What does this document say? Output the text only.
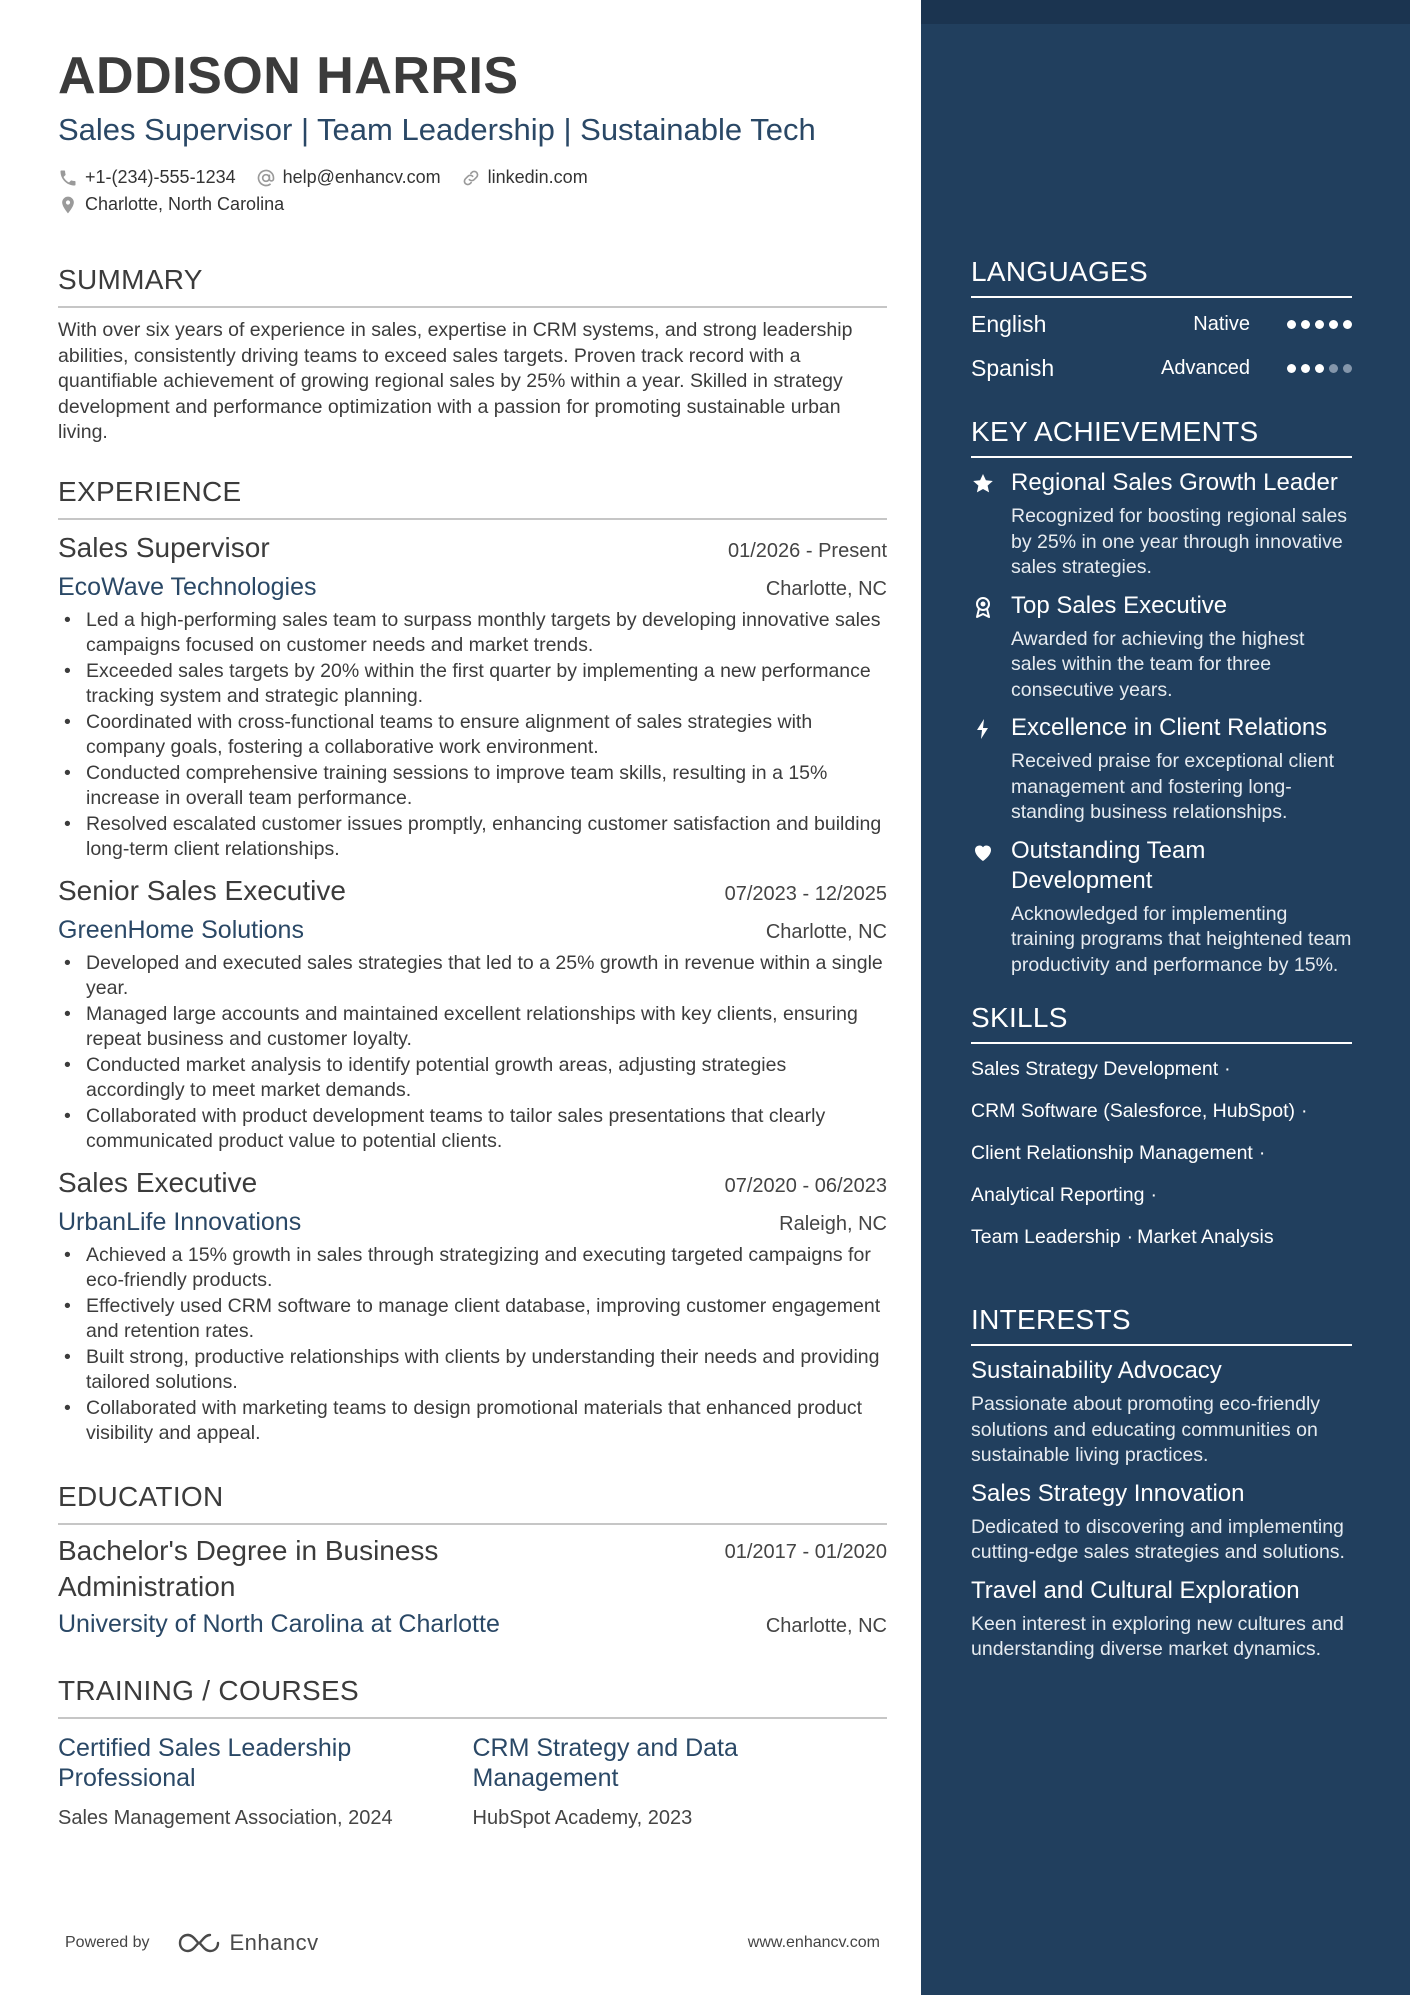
ADDISON HARRIS
Sales Supervisor | Team Leadership | Sustainable Tech
+1-(234)-555-1234	help@enhancv.com	linkedin.com
Charlotte, North Carolina
SUMMARY

With over six years of experience in sales, expertise in CRM systems, and strong leadership abilities, consistently driving teams to exceed sales targets. Proven track record with a quantifiable achievement of growing regional sales by 25% within a year. Skilled in strategy development and performance optimization with a passion for promoting sustainable urban living.

EXPERIENCE
Sales Supervisor	01/2026 - Present
EcoWave Technologies	Charlotte, NC
• Led a high-performing sales team to surpass monthly targets by developing innovative sales campaigns focused on customer needs and market trends.
• Exceeded sales targets by 20% within the first quarter by implementing a new performance tracking system and strategic planning.
• Coordinated with cross-functional teams to ensure alignment of sales strategies with company goals, fostering a collaborative work environment.
• Conducted comprehensive training sessions to improve team skills, resulting in a 15% increase in overall team performance.
• Resolved escalated customer issues promptly, enhancing customer satisfaction and building long-term client relationships.
Senior Sales Executive	07/2023 - 12/2025
GreenHome Solutions	Charlotte, NC
• Developed and executed sales strategies that led to a 25% growth in revenue within a single year.
• Managed large accounts and maintained excellent relationships with key clients, ensuring repeat business and customer loyalty.
• Conducted market analysis to identify potential growth areas, adjusting strategies accordingly to meet market demands.
• Collaborated with product development teams to tailor sales presentations that clearly communicated product value to potential clients.
Sales Executive	07/2020 - 06/2023
UrbanLife Innovations	Raleigh, NC
• Achieved a 15% growth in sales through strategizing and executing targeted campaigns for eco-friendly products.
• Effectively used CRM software to manage client database, improving customer engagement and retention rates.
• Built strong, productive relationships with clients by understanding their needs and providing tailored solutions.
• Collaborated with marketing teams to design promotional materials that enhanced product visibility and appeal.
EDUCATION
Bachelor's Degree in Business Administration
01/2017 - 01/2020
University of North Carolina at Charlotte	Charlotte, NC
TRAINING / COURSES
Certified Sales Leadership Professional
Sales Management Association, 2024
CRM Strategy and Data Management
HubSpot Academy, 2023
Powered by	Enhancv	www.enhancv.com
LANGUAGES
English	Native
Spanish	Advanced
KEY ACHIEVEMENTS
Regional Sales Growth Leader
Recognized for boosting regional sales by 25% in one year through innovative sales strategies.
Top Sales Executive
Awarded for achieving the highest sales within the team for three consecutive years.
Excellence in Client Relations
Received praise for exceptional client management and fostering long-standing business relationships.
Outstanding Team Development
Acknowledged for implementing training programs that heightened team productivity and performance by 15%.
SKILLS
Sales Strategy Development ·
CRM Software (Salesforce, HubSpot) ·
Client Relationship Management ·
Analytical Reporting ·
Team Leadership · Market Analysis
INTERESTS
Sustainability Advocacy
Passionate about promoting eco-friendly solutions and educating communities on sustainable living practices.
Sales Strategy Innovation
Dedicated to discovering and implementing cutting-edge sales strategies and solutions.
Travel and Cultural Exploration
Keen interest in exploring new cultures and understanding diverse market dynamics.
